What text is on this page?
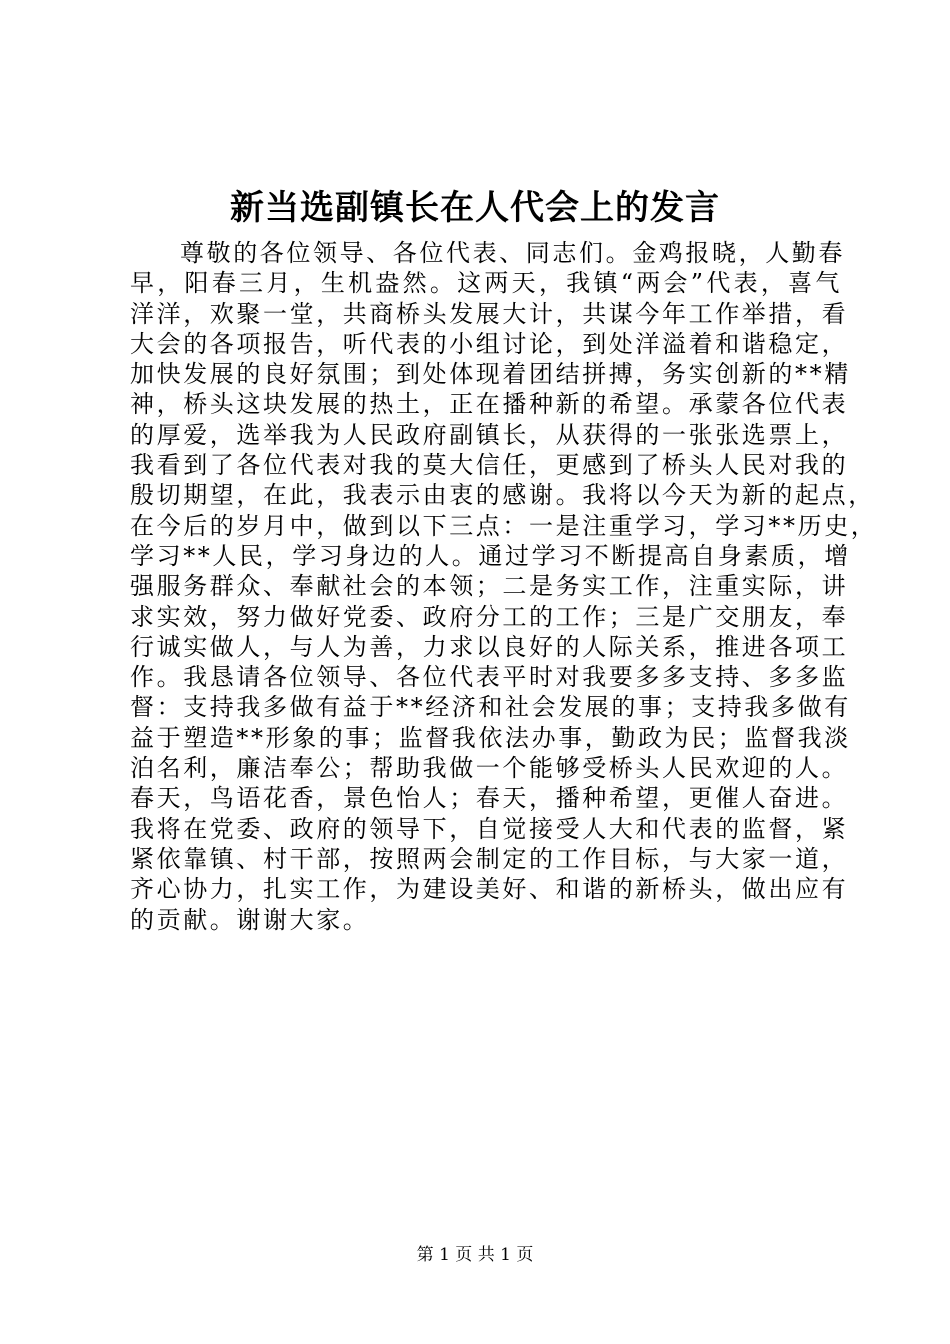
新当选副镇长在人代会上的发言
尊敬的各位领导、各位代表、同志们。金鸡报晓，人勤春
早，阳春三月，生机盎然。这两天，我镇“两会”代表，喜气
洋洋，欢聚一堂，共商桥头发展大计，共谋今年工作举措，看
大会的各项报告，听代表的小组讨论，到处洋溢着和谐稳定，
加快发展的良好氛围；到处体现着团结拼搏，务实创新的**精
神，桥头这块发展的热土，正在播种新的希望。承蒙各位代表
的厚爱，选举我为人民政府副镇长，从获得的一张张选票上，
我看到了各位代表对我的莫大信任，更感到了桥头人民对我的
殷切期望，在此，我表示由衷的感谢。我将以今天为新的起点，
在今后的岁月中，做到以下三点：一是注重学习，学习**历史，
学习**人民，学习身边的人。通过学习不断提高自身素质，增
强服务群众、奉献社会的本领；二是务实工作，注重实际，讲
求实效，努力做好党委、政府分工的工作；三是广交朋友，奉
行诚实做人，与人为善，力求以良好的人际关系，推进各项工
作。我恳请各位领导、各位代表平时对我要多多支持、多多监
督：支持我多做有益于**经济和社会发展的事；支持我多做有
益于塑造**形象的事；监督我依法办事，勤政为民；监督我淡
泊名利，廉洁奉公；帮助我做一个能够受桥头人民欢迎的人。
春天，鸟语花香，景色怡人；春天，播种希望，更催人奋进。
我将在党委、政府的领导下，自觉接受人大和代表的监督，紧
紧依靠镇、村干部，按照两会制定的工作目标，与大家一道，
齐心协力，扎实工作，为建设美好、和谐的新桥头，做出应有
的贡献。谢谢大家。
第 1 页 共 1 页
